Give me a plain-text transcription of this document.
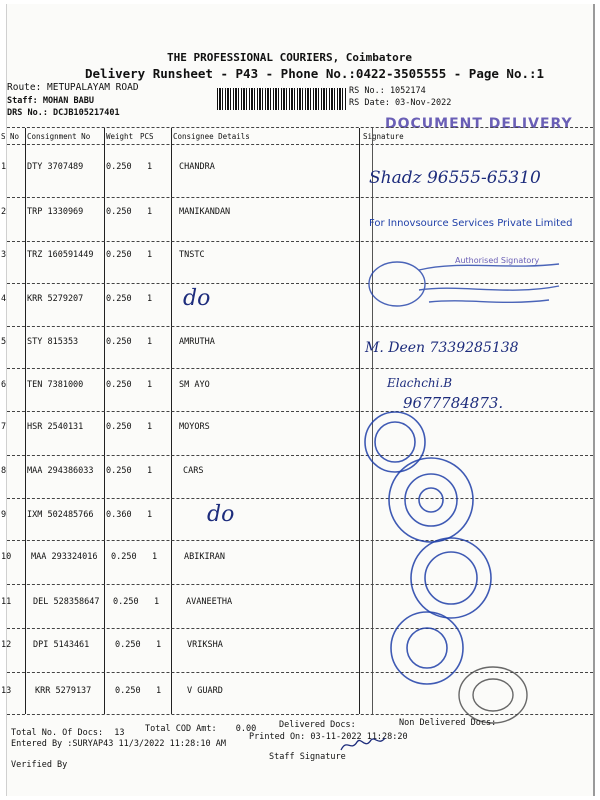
THE PROFESSIONAL COURIERS, Coimbatore
Delivery Runsheet - P43 - Phone No.:0422-3505555 - Page No.:1
Route: METUPALAYAM ROAD
Staff: MOHAN BABU
DRS No.: DCJB105217401
RS No.: 1052174
RS Date: 03-Nov-2022
DOCUMENT DELIVERY
S No Consignment No Weight PCS	Consignee Details	Signature
1 DTY 3707489	0.250 1	CHANDRA
2 TRP 1330969	0.250 1	MANIKANDAN
3 TRZ 160591449 0.250 1	TNSTC
4 KRR 5279207	0.250 1 do
5 STY 815353	0.250 1	AMRUTHA
6 TEN 7381000	0.250 1	SM AYO
7 HSR 2540131	0.250 1	MOYORS
8 MAA 294386033 0.250 1	CARS
9 IXM 502485766 0.360 1 do
10 MAA 293324016 0.250 1	ABIKIRAN
11	DEL 528358647 0.250 1	AVANEETHA
12	DPI 5143461	0.250 1	VRIKSHA
13	KRR 5279137	0.250 1	V GUARD
Shadz 96555-65310
M. Deen 7339285138
Elachchi.B
9677784873.
For Innovsource Services Private Limited
Authorised Signatory
Total No. Of Docs: 13 Total COD Amt: 0.00	Delivered Docs:	Non Delivered Docs:
Entered By :SURYAP43 11/3/2022 11:28:10 AM
Printed On: 03-11-2022 11:28:20
Staff Signature
Verified By
